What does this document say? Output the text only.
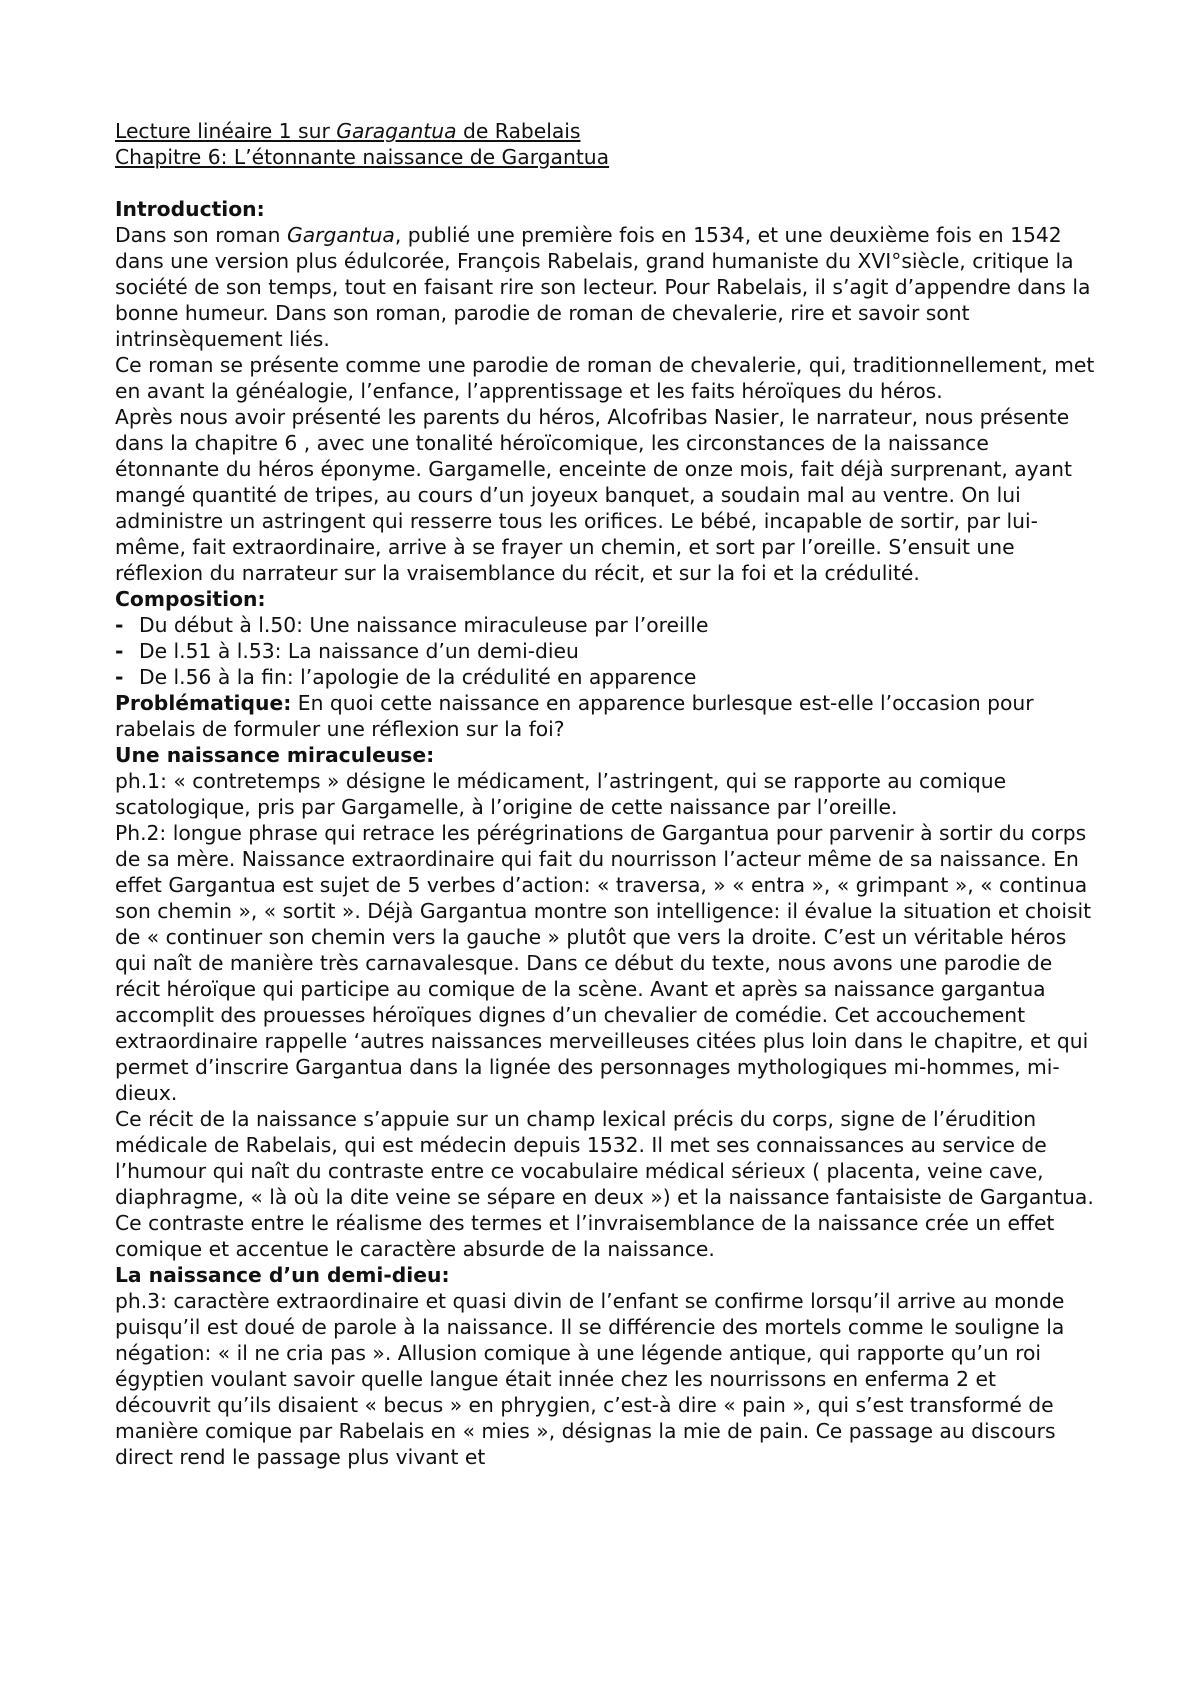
Lecture linéaire 1 sur Garagantua de Rabelais

Chapitre 6: L’étonnante naissance de Gargantua

Introduction:

Dans son roman Gargantua, publié une première fois en 1534, et une deuxième fois en 1542 dans une version plus édulcorée, François Rabelais, grand humaniste du XVI°siècle, critique la société de son temps, tout en faisant rire son lecteur. Pour Rabelais, il s’agit d’appendre dans la bonne humeur. Dans son roman, parodie de roman de chevalerie, rire et savoir sont intrinsèquement liés.

Ce roman se présente comme une parodie de roman de chevalerie, qui, traditionnellement, met en avant la généalogie, l’enfance, l’apprentissage et les faits héroïques du héros.

Après nous avoir présenté les parents du héros, Alcofribas Nasier, le narrateur, nous présente dans la chapitre 6 , avec une tonalité héroïcomique, les circonstances de la naissance étonnante du héros éponyme. Gargamelle, enceinte de onze mois, fait déjà surprenant, ayant mangé quantité de tripes, au cours d’un joyeux banquet, a soudain mal au ventre. On lui administre un astringent qui resserre tous les orifices. Le bébé, incapable de sortir, par lui-même, fait extraordinaire, arrive à se frayer un chemin, et sort par l’oreille. S’ensuit une réflexion du narrateur sur la vraisemblance du récit, et sur la foi et la crédulité.

Composition:

- Du début à l.50: Une naissance miraculeuse par l’oreille
- De l.51 à l.53: La naissance d’un demi-dieu
- De l.56 à la fin: l’apologie de la crédulité en apparence

Problématique: En quoi cette naissance en apparence burlesque est-elle l’occasion pour rabelais de formuler une réflexion sur la foi?

Une naissance miraculeuse:

ph.1: « contretemps » désigne le médicament, l’astringent, qui se rapporte au comique scatologique, pris par Gargamelle, à l’origine de cette naissance par l’oreille.

Ph.2: longue phrase qui retrace les pérégrinations de Gargantua pour parvenir à sortir du corps de sa mère. Naissance extraordinaire qui fait du nourrisson l’acteur même de sa naissance. En effet Gargantua est sujet de 5 verbes d’action: « traversa, » « entra », « grimpant », « continua son chemin », « sortit ». Déjà Gargantua montre son intelligence: il évalue la situation et choisit de « continuer son chemin vers la gauche » plutôt que vers la droite. C’est un véritable héros qui naît de manière très carnavalesque. Dans ce début du texte, nous avons une parodie de récit héroïque qui participe au comique de la scène. Avant et après sa naissance gargantua accomplit des prouesses héroïques dignes d’un chevalier de comédie. Cet accouchement extraordinaire rappelle ‘autres naissances merveilleuses citées plus loin dans le chapitre, et qui permet d’inscrire Gargantua dans la lignée des personnages mythologiques mi-hommes, mi-dieux.

Ce récit de la naissance s’appuie sur un champ lexical précis du corps, signe de l’érudition médicale de Rabelais, qui est médecin depuis 1532. Il met ses connaissances au service de l’humour qui naît du contraste entre ce vocabulaire médical sérieux ( placenta, veine cave, diaphragme, « là où la dite veine se sépare en deux ») et la naissance fantaisiste de Gargantua.

Ce contraste entre le réalisme des termes et l’invraisemblance de la naissance crée un effet comique et accentue le caractère absurde de la naissance.

La naissance d’un demi-dieu:

ph.3: caractère extraordinaire et quasi divin de l’enfant se confirme lorsqu’il arrive au monde puisqu’il est doué de parole à la naissance. Il se différencie des mortels comme le souligne la négation: « il ne cria pas ». Allusion comique à une légende antique, qui rapporte qu’un roi égyptien voulant savoir quelle langue était innée chez les nourrissons en enferma 2 et découvrit qu’ils disaient « becus » en phrygien, c’est-à dire « pain », qui s’est transformé de manière comique par Rabelais en « mies », désignas la mie de pain. Ce passage au discours direct rend le passage plus vivant et
